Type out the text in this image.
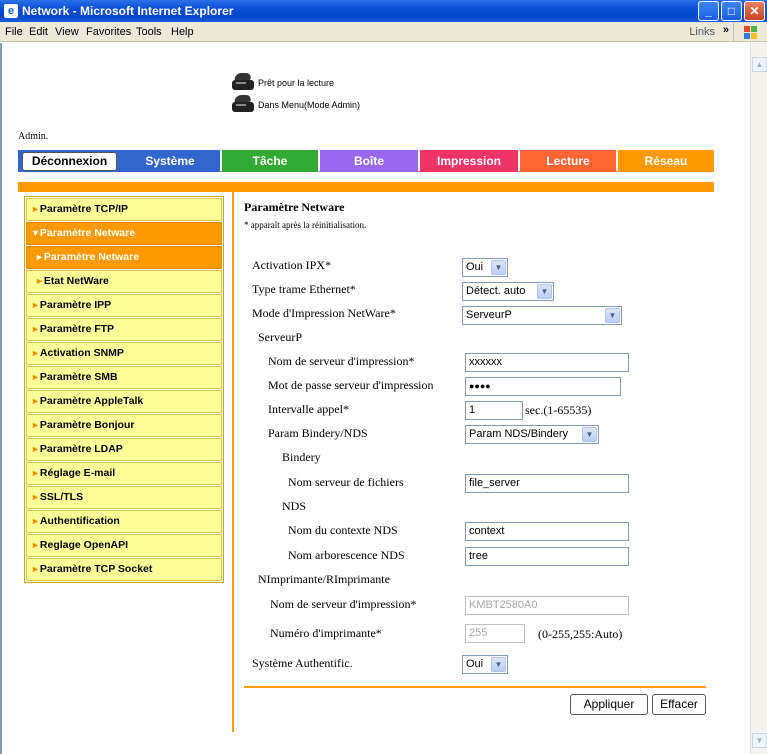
e Network - Microsoft Internet Explorer	_	□	✕
File Edit View Favorites Tools Help	Links »
▲
▼
Prêt pour la lecture
Dans Menu(Mode Admin)
Admin.
Déconnexion	Système	Tâche	Boîte	Impression	Lecture	Réseau
►Paramètre TCP/IP
▼Paramètre Netware
►Paramètre Netware
►Etat NetWare
►Paramètre IPP
►Paramètre FTP
►Activation SNMP
►Paramètre SMB
►Paramètre AppleTalk
►Paramètre Bonjour
►Paramètre LDAP
►Réglage E-mail
►SSL/TLS
►Authentification
►Reglage OpenAPI
►Paramètre TCP Socket
Paramètre Netware
* apparaît après la réinitialisation.
Activation IPX*	Oui	▼
Type trame Ethernet*	Détect. auto	▼
Mode d'Impression NetWare*	ServeurP	▼
ServeurP
Nom de serveur d'impression*	xxxxxx
Mot de passe serveur d'impression	●●●●
Intervalle appel*	1	sec.(1-65535)
Param Bindery/NDS	Param NDS/Bindery	▼
Bindery
Nom serveur de fichiers	file_server
NDS
Nom du contexte NDS	context
Nom arborescence NDS	tree
NImprimante/RImprimante
Nom de serveur d'impression*	KMBT2580A0
Numéro d'imprimante*	255	(0-255,255:Auto)
Système Authentific.	Oui	▼
Appliquer	Effacer
